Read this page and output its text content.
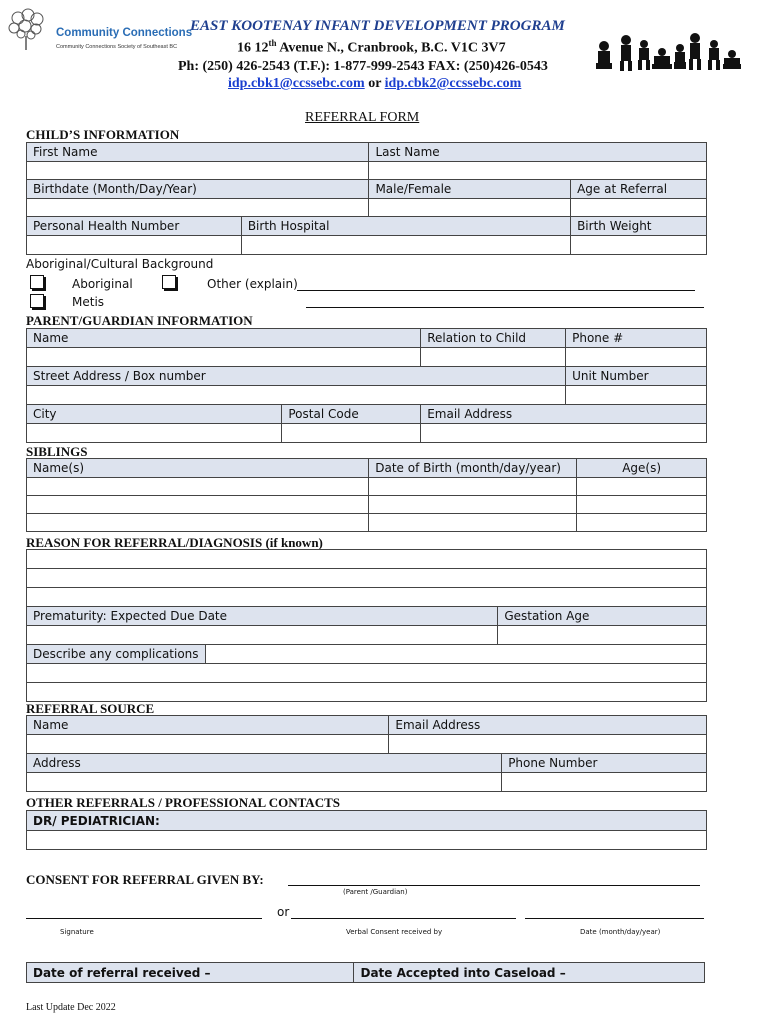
Community Connections
Community Connections Society of Southeast BC
EAST KOOTENAY INFANT DEVELOPMENT PROGRAM
16 12th Avenue N., Cranbrook, B.C. V1C 3V7
Ph: (250) 426-2543 (T.F.): 1-877-999-2543 FAX: (250)426-0543
idp.cbk1@ccssebc.com or idp.cbk2@ccssebc.com
REFERRAL FORM
CHILD’S INFORMATION
First Name		Last Name	

Birthdate (Month/Day/Year)		Male/Female	Age at Referral

Personal Health Number	Birth Hospital		Birth Weight

Aboriginal/Cultural Background
Aboriginal	Other (explain)
Metis
PARENT/GUARDIAN INFORMATION
Name		Relation to Child	Phone #

Street Address / Box number			Unit Number

City	Postal Code	Email Address	

SIBLINGS
Name(s)	Date of Birth (month/day/year)	Age(s)

REASON FOR REFERRAL/DIAGNOSIS (if known)

Prematurity: Expected Due Date		Gestation Age

Describe any complications		

REFERRAL SOURCE
Name	Email Address	

Address		Phone Number

OTHER REFERRALS / PROFESSIONAL CONTACTS
DR/ PEDIATRICIAN:

CONSENT FOR REFERRAL GIVEN BY:
(Parent /Guardian)
or
Signature	Verbal Consent received by	Date (month/day/year)
Date of referral received –	Date Accepted into Caseload –
Last Update Dec 2022
